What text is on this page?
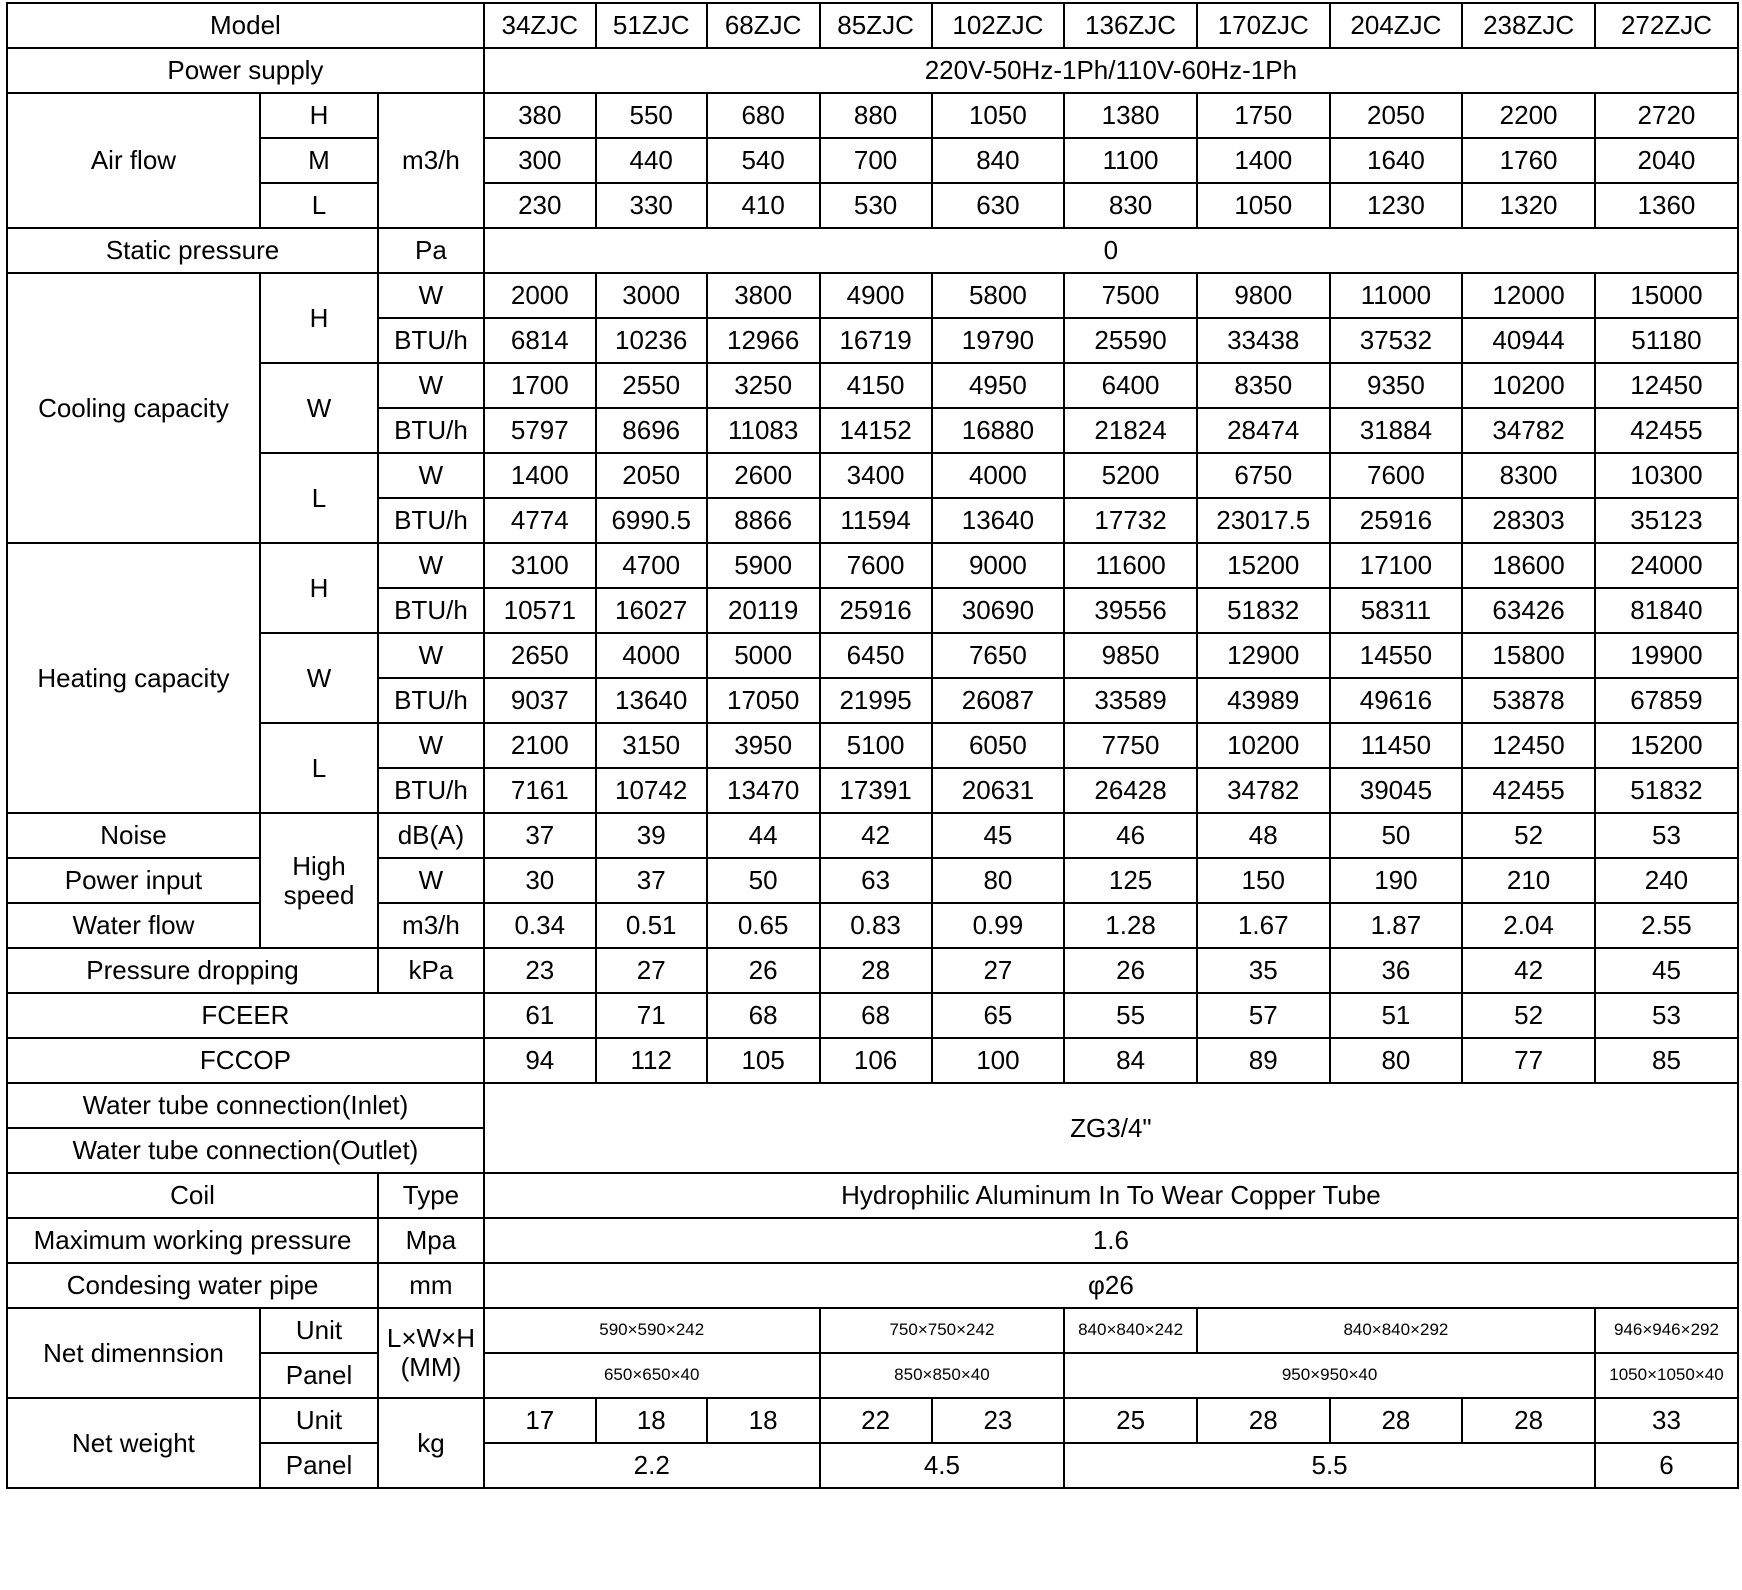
Model			34ZJC	51ZJC	68ZJC	85ZJC	102ZJC	136ZJC	170ZJC	204ZJC	238ZJC	272ZJC
Power supply			220V-50Hz-1Ph/110V-60Hz-1Ph									
Air flow	H	m3/h	380	550	680	880	1050	1380	1750	2050	2200	2720
	M		300	440	540	700	840	1100	1400	1640	1760	2040
	L		230	330	410	530	630	830	1050	1230	1320	1360
Static pressure		Pa	0									
Cooling capacity	H	W	2000	3000	3800	4900	5800	7500	9800	11000	12000	15000
		BTU/h	6814	10236	12966	16719	19790	25590	33438	37532	40944	51180
	W	W	1700	2550	3250	4150	4950	6400	8350	9350	10200	12450
		BTU/h	5797	8696	11083	14152	16880	21824	28474	31884	34782	42455
	L	W	1400	2050	2600	3400	4000	5200	6750	7600	8300	10300
		BTU/h	4774	6990.5	8866	11594	13640	17732	23017.5	25916	28303	35123
Heating capacity	H	W	3100	4700	5900	7600	9000	11600	15200	17100	18600	24000
		BTU/h	10571	16027	20119	25916	30690	39556	51832	58311	63426	81840
	W	W	2650	4000	5000	6450	7650	9850	12900	14550	15800	19900
		BTU/h	9037	13640	17050	21995	26087	33589	43989	49616	53878	67859
	L	W	2100	3150	3950	5100	6050	7750	10200	11450	12450	15200
		BTU/h	7161	10742	13470	17391	20631	26428	34782	39045	42455	51832
Noise	High speed	dB(A)	37	39	44	42	45	46	48	50	52	53
Power input		W	30	37	50	63	80	125	150	190	210	240
Water flow		m3/h	0.34	0.51	0.65	0.83	0.99	1.28	1.67	1.87	2.04	2.55
Pressure dropping		kPa	23	27	26	28	27	26	35	36	42	45
FCEER			61	71	68	68	65	55	57	51	52	53
FCCOP			94	112	105	106	100	84	89	80	77	85
Water tube connection(Inlet)			ZG3/4"									
Water tube connection(Outlet)												
Coil		Type	Hydrophilic Aluminum In To Wear Copper Tube									
Maximum working pressure		Mpa	1.6									
Condesing water pipe		mm	φ26									
Net dimennsion	Unit	L×W×H (MM)	590×590×242			750×750×242		840×840×242	840×840×292			946×946×292
	Panel		650×650×40			850×850×40		950×950×40				1050×1050×40
Net weight	Unit	kg	17	18	18	22	23	25	28	28	28	33
	Panel		2.2			4.5		5.5				6
